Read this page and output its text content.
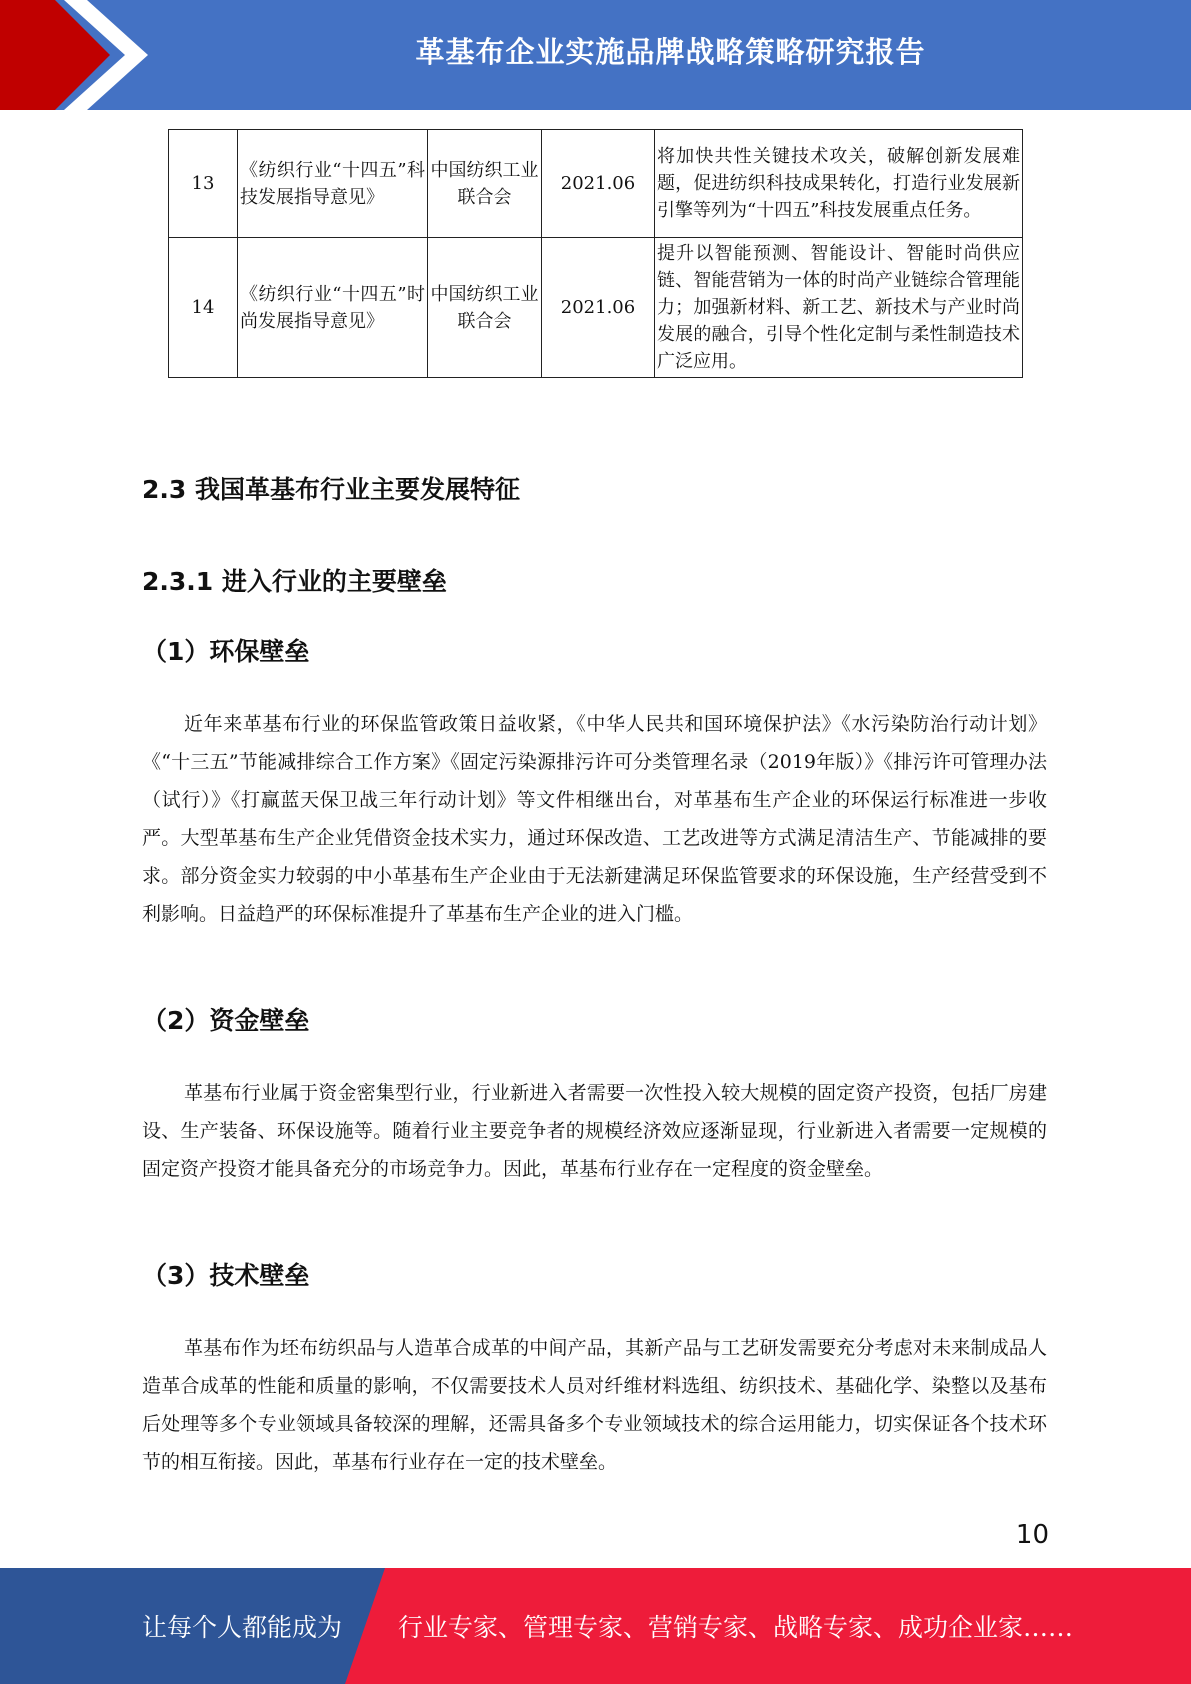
革基布企业实施品牌战略策略研究报告
13	《纺织行业“十四五”科技发展指导意见》	中国纺织工业联合会	2021.06	将加快共性关键技术攻关，破解创新发展难题，促进纺织科技成果转化，打造行业发展新引擎等列为“十四五”科技发展重点任务。
14	《纺织行业“十四五”时尚发展指导意见》	中国纺织工业联合会	2021.06	提升以智能预测、智能设计、智能时尚供应链、智能营销为一体的时尚产业链综合管理能力；加强新材料、新工艺、新技术与产业时尚发展的融合，引导个性化定制与柔性制造技术广泛应用。
2.3 我国革基布行业主要发展特征
2.3.1 进入行业的主要壁垒
（1）环保壁垒

近年来革基布行业的环保监管政策日益收紧，《中华人民共和国环境保护法》《水污染防治行动计划》《“十三五”节能减排综合工作方案》《固定污染源排污许可分类管理名录（2019年版）》《排污许可管理办法（试行）》《打赢蓝天保卫战三年行动计划》等文件相继出台，对革基布生产企业的环保运行标准进一步收严。大型革基布生产企业凭借资金技术实力，通过环保改造、工艺改进等方式满足清洁生产、节能减排的要求。部分资金实力较弱的中小革基布生产企业由于无法新建满足环保监管要求的环保设施，生产经营受到不利影响。日益趋严的环保标准提升了革基布生产企业的进入门槛。

（2）资金壁垒

革基布行业属于资金密集型行业，行业新进入者需要一次性投入较大规模的固定资产投资，包括厂房建设、生产装备、环保设施等。随着行业主要竞争者的规模经济效应逐渐显现，行业新进入者需要一定规模的固定资产投资才能具备充分的市场竞争力。因此，革基布行业存在一定程度的资金壁垒。

（3）技术壁垒

革基布作为坯布纺织品与人造革合成革的中间产品，其新产品与工艺研发需要充分考虑对未来制成品人造革合成革的性能和质量的影响，不仅需要技术人员对纤维材料选组、纺织技术、基础化学、染整以及基布后处理等多个专业领域具备较深的理解，还需具备多个专业领域技术的综合运用能力，切实保证各个技术环节的相互衔接。因此，革基布行业存在一定的技术壁垒。

10
让每个人都能成为 行业专家、管理专家、营销专家、战略专家、成功企业家……
